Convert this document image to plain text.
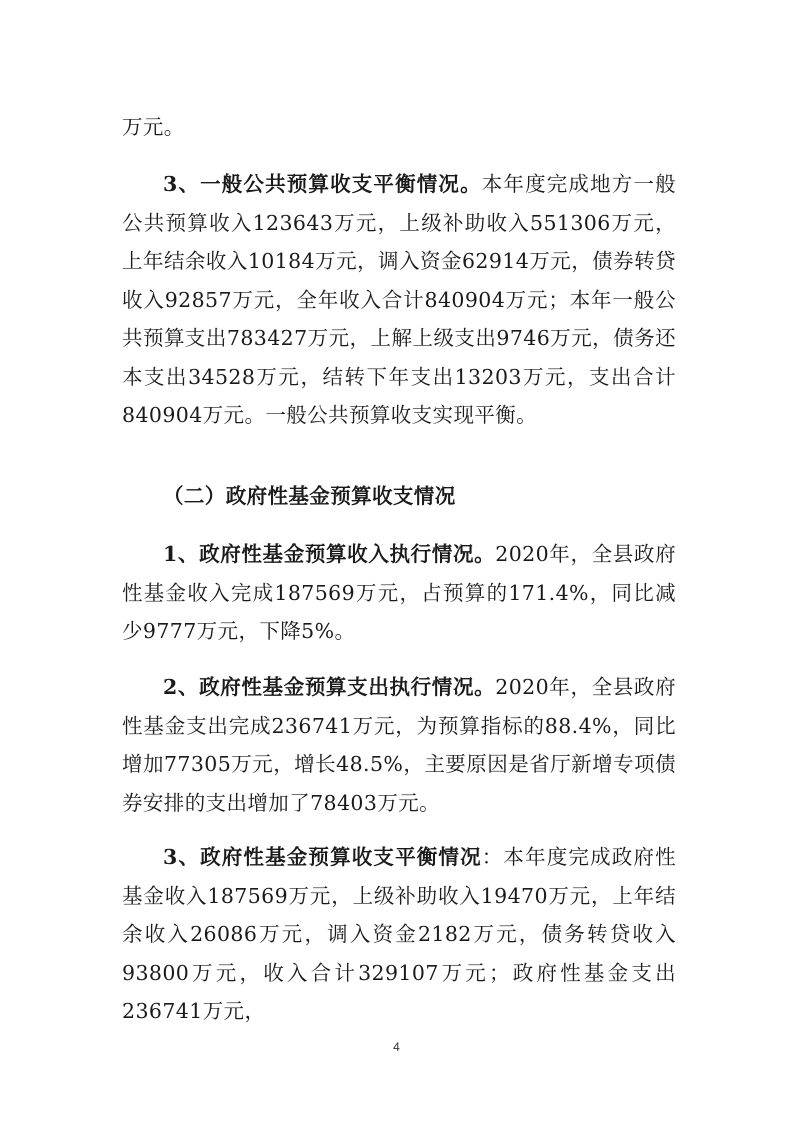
万元。

3、一般公共预算收支平衡情况。本年度完成地方一般公共预算收入123643万元，上级补助收入551306万元，上年结余收入10184万元，调入资金62914万元，债券转贷收入92857万元，全年收入合计840904万元；本年一般公共预算支出783427万元，上解上级支出9746万元，债务还本支出34528万元，结转下年支出13203万元，支出合计840904万元。一般公共预算收支实现平衡。

（二）政府性基金预算收支情况

1、政府性基金预算收入执行情况。2020年，全县政府性基金收入完成187569万元，占预算的171.4%，同比减少9777万元，下降5%。

2、政府性基金预算支出执行情况。2020年，全县政府性基金支出完成236741万元，为预算指标的88.4%，同比增加77305万元，增长48.5%，主要原因是省厅新增专项债券安排的支出增加了78403万元。

3、政府性基金预算收支平衡情况：本年度完成政府性基金收入187569万元，上级补助收入19470万元，上年结余收入26086万元，调入资金2182万元，债务转贷收入93800万元，收入合计329107万元；政府性基金支出236741万元，

4
